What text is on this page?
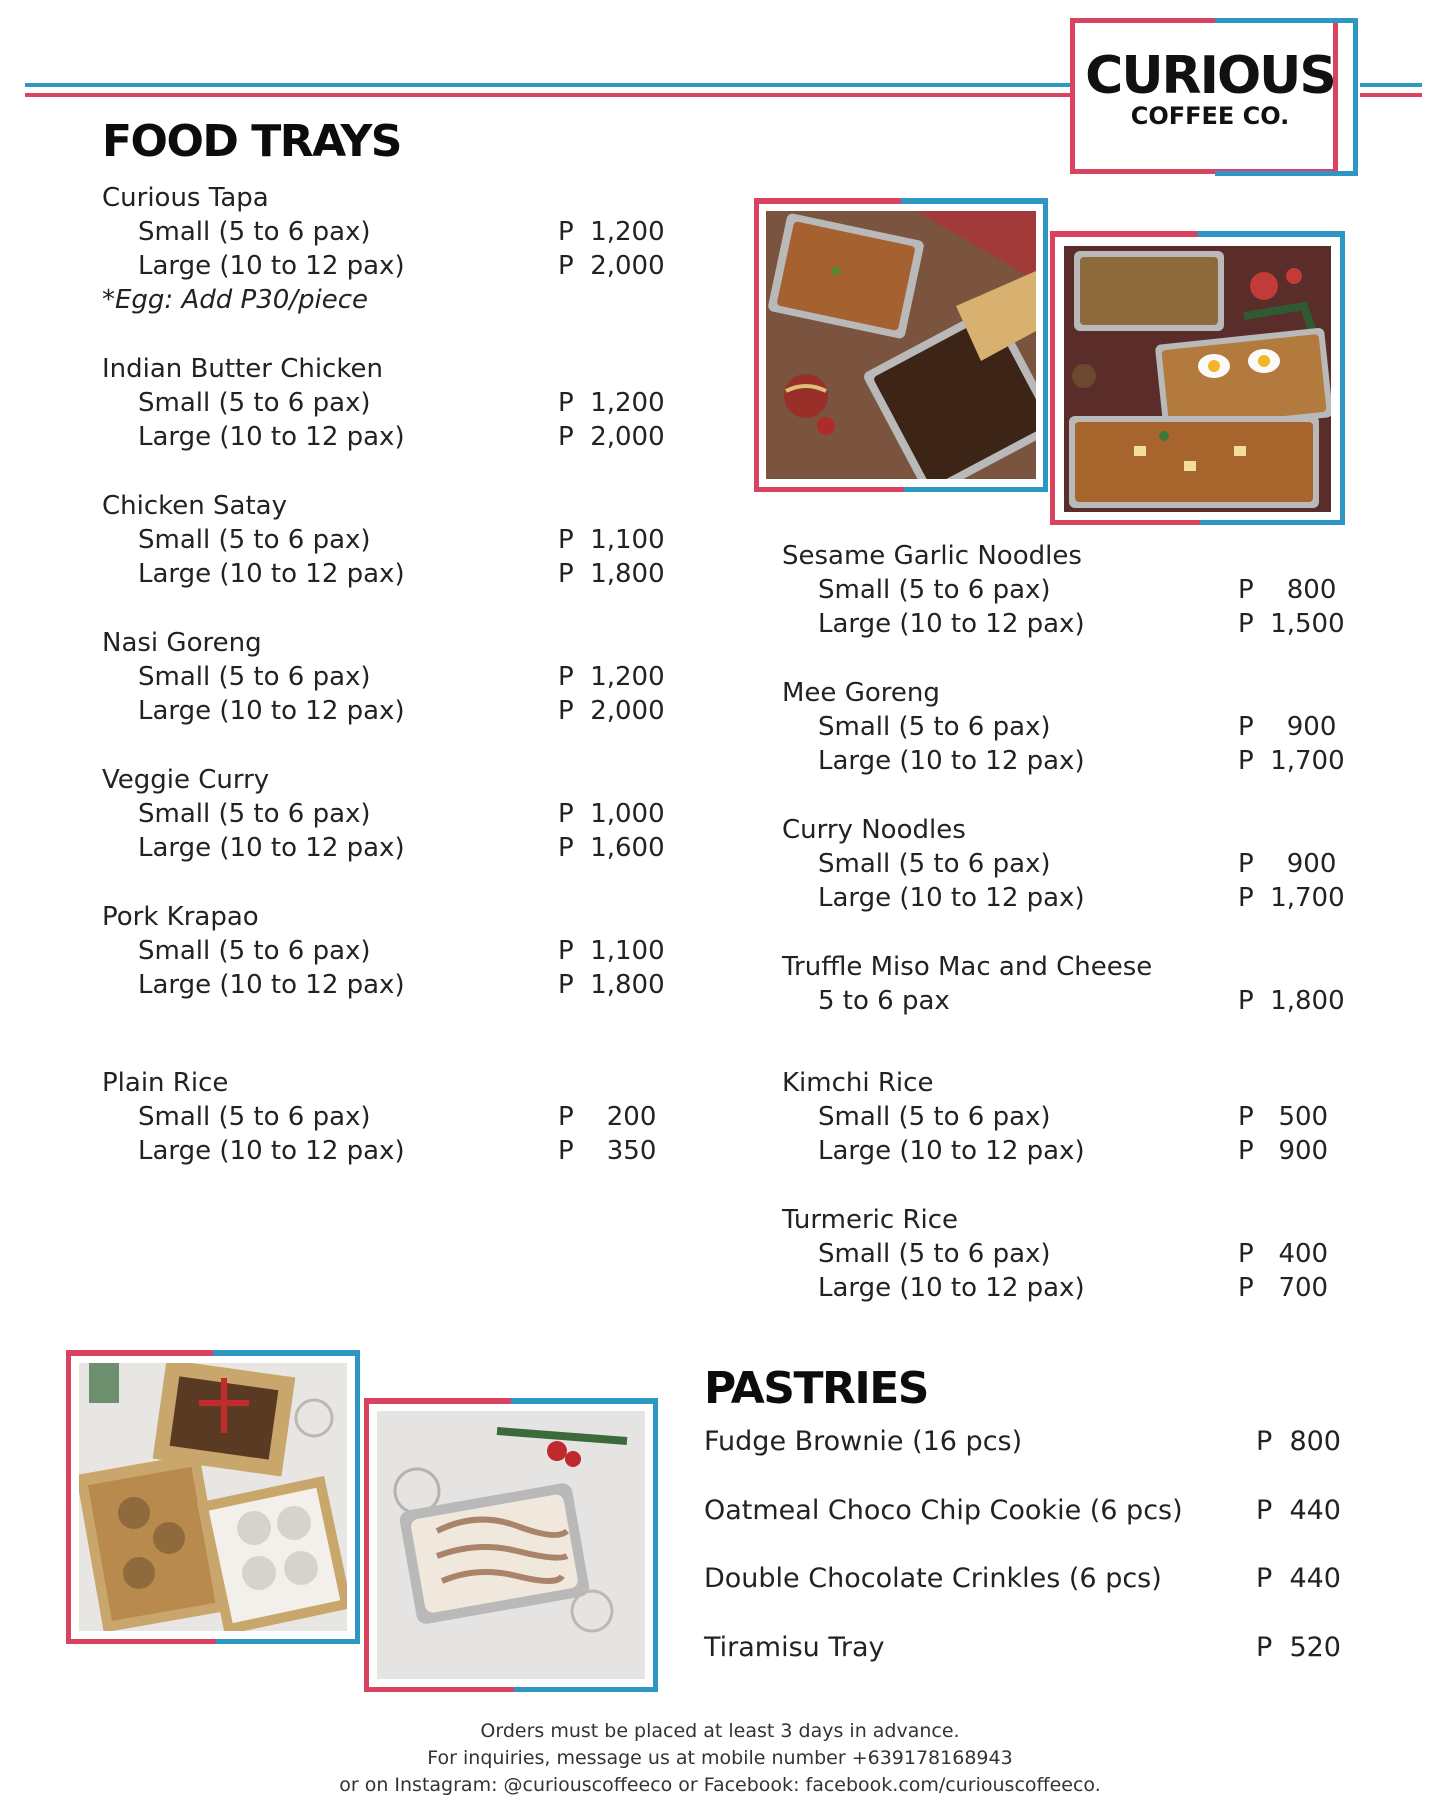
CURIOUS
COFFEE CO.
FOOD TRAYS
Curious Tapa
Small (5 to 6 pax)	P  1,200
Large (10 to 12 pax)	P  2,000
*Egg: Add P30/piece
Indian Butter Chicken
Small (5 to 6 pax)	P  1,200
Large (10 to 12 pax)	P  2,000
Chicken Satay
Small (5 to 6 pax)	P  1,100
Large (10 to 12 pax)	P  1,800
Nasi Goreng
Small (5 to 6 pax)	P  1,200
Large (10 to 12 pax)	P  2,000
Veggie Curry
Small (5 to 6 pax)	P  1,000
Large (10 to 12 pax)	P  1,600
Pork Krapao
Small (5 to 6 pax)	P  1,100
Large (10 to 12 pax)	P  1,800
Plain Rice
Small (5 to 6 pax)	P    200
Large (10 to 12 pax)	P    350
Sesame Garlic Noodles
Small (5 to 6 pax)	P    800
Large (10 to 12 pax)	P  1,500
Mee Goreng
Small (5 to 6 pax)	P    900
Large (10 to 12 pax)	P  1,700
Curry Noodles
Small (5 to 6 pax)	P    900
Large (10 to 12 pax)	P  1,700
Truffle Miso Mac and Cheese
5 to 6 pax	P  1,800
Kimchi Rice
Small (5 to 6 pax)	P   500
Large (10 to 12 pax)	P   900
Turmeric Rice
Small (5 to 6 pax)	P   400
Large (10 to 12 pax)	P   700
PASTRIES
Fudge Brownie (16 pcs)	P  800
Oatmeal Choco Chip Cookie (6 pcs)	P  440
Double Chocolate Crinkles (6 pcs)	P  440
Tiramisu Tray	P  520
Orders must be placed at least 3 days in advance.
For inquiries, message us at mobile number +639178168943
or on Instagram: @curiouscoffeeco or Facebook: facebook.com/curiouscoffeeco.
